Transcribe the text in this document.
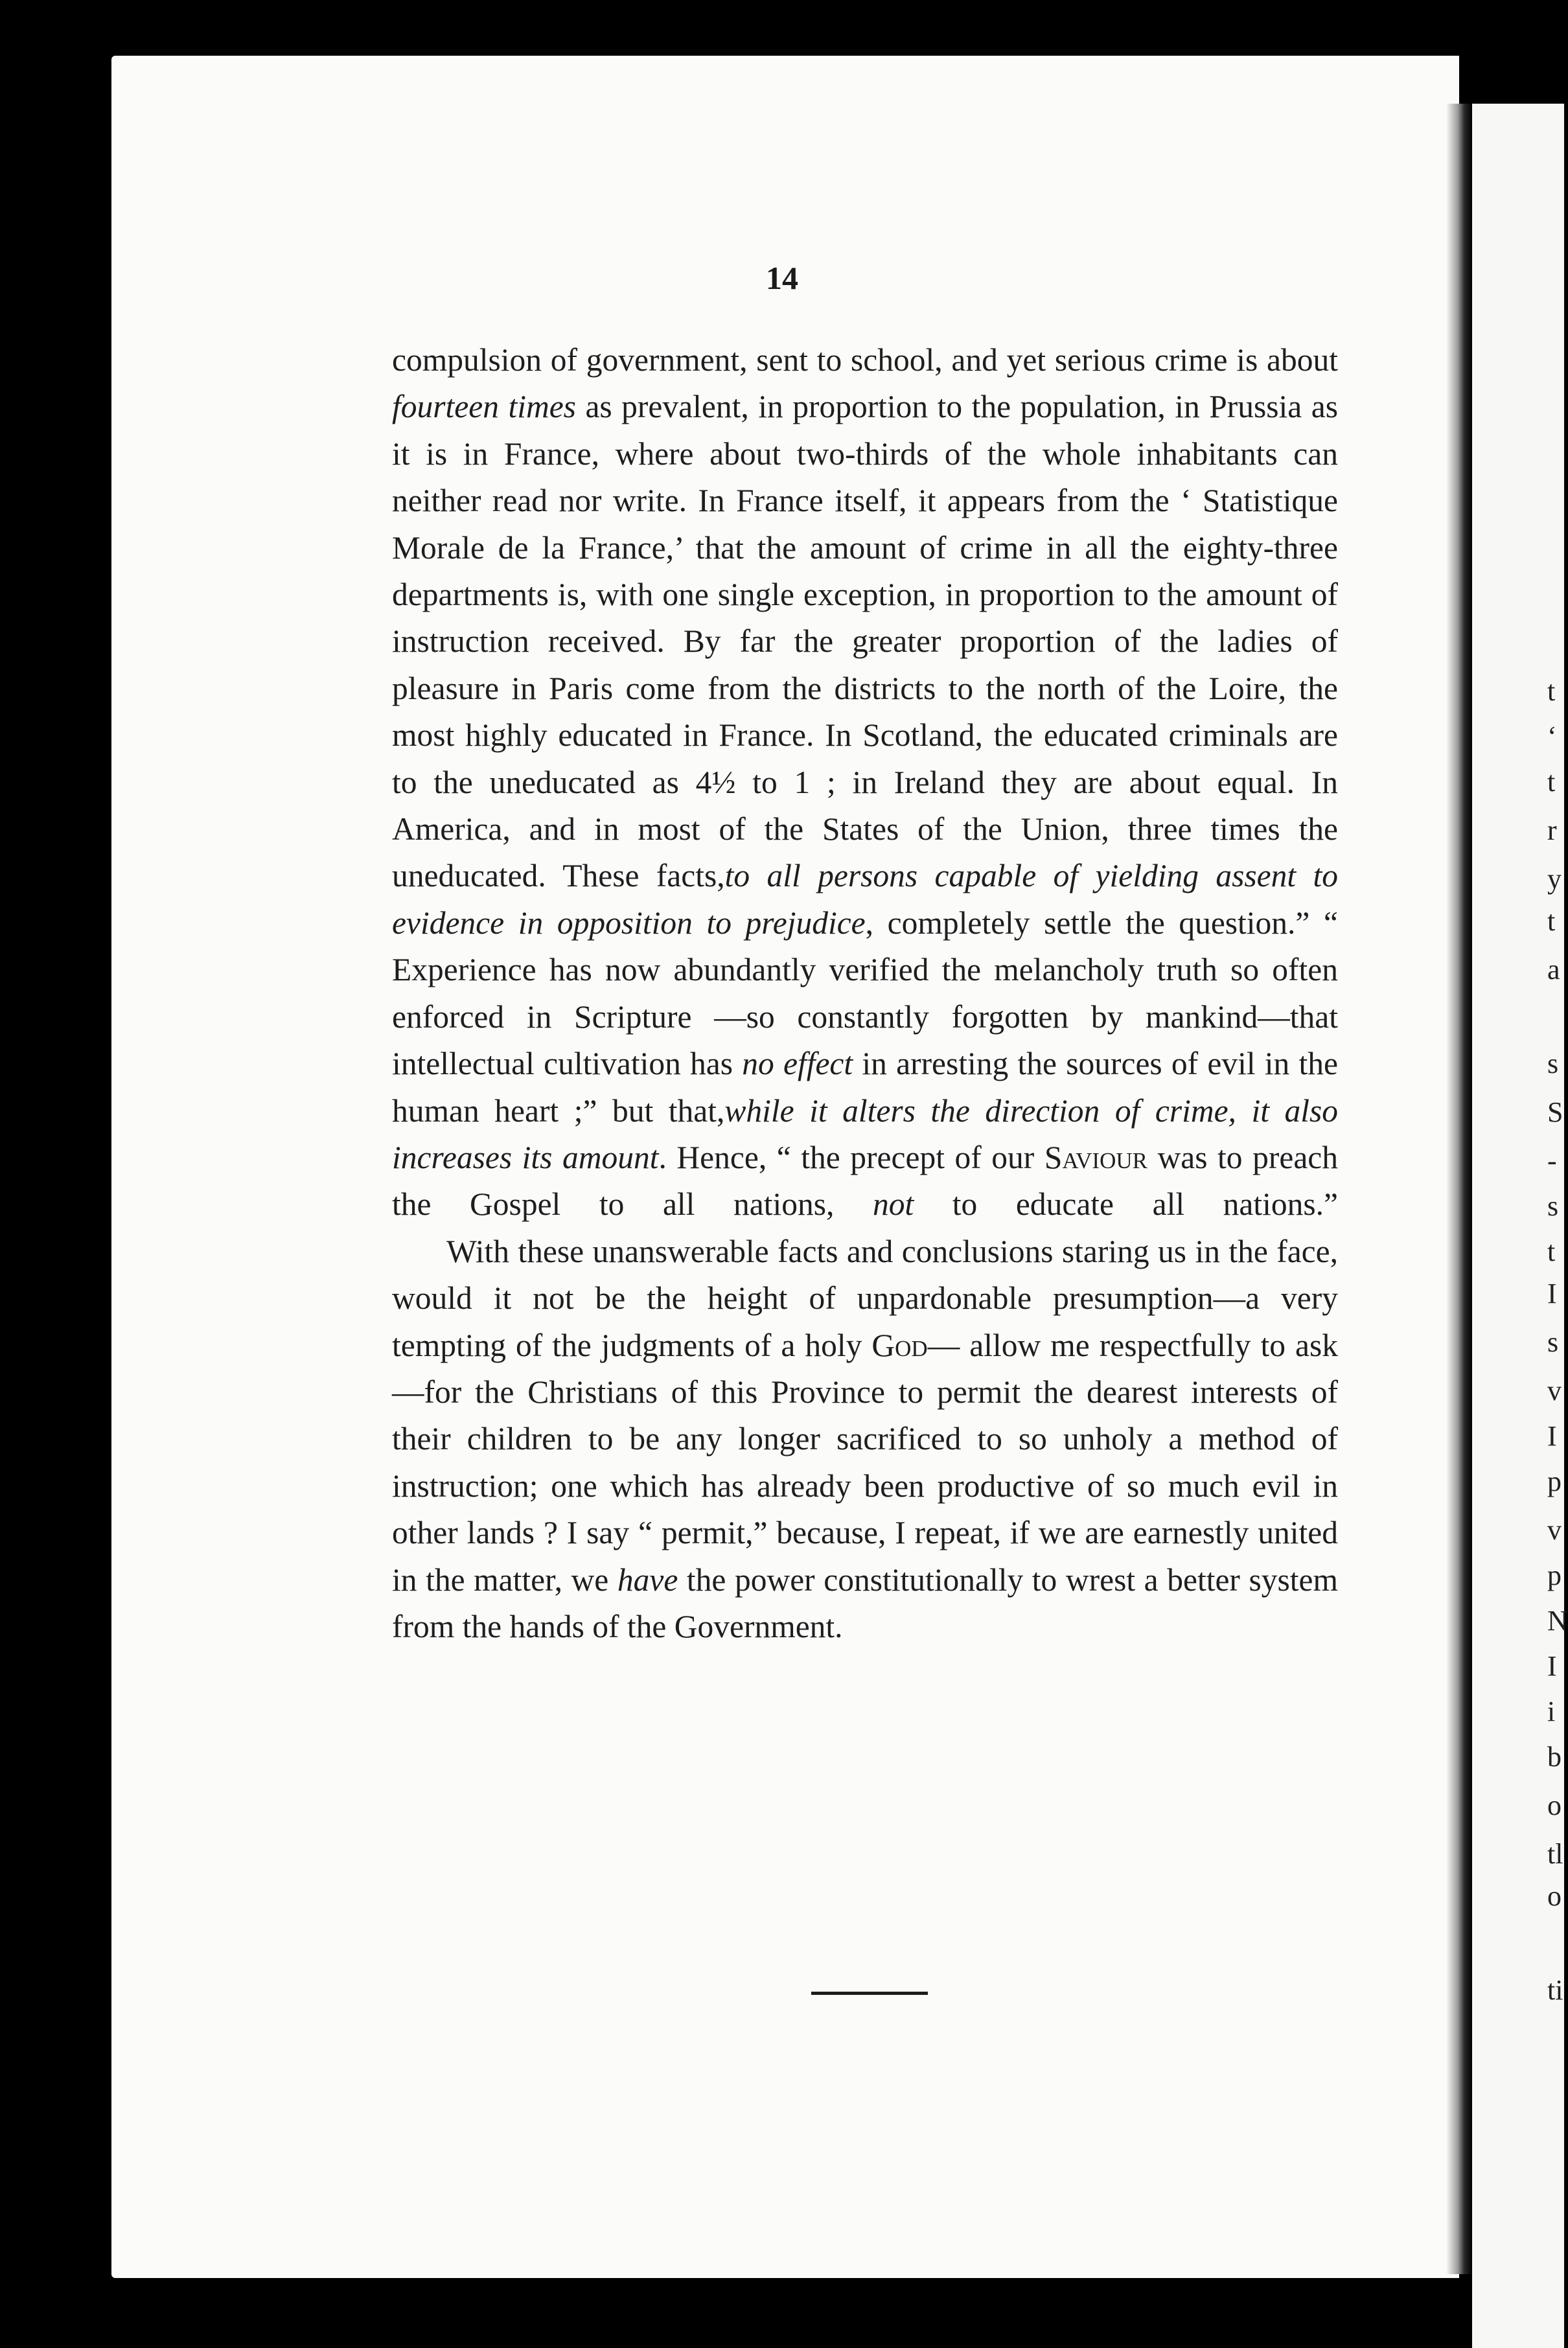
t
‘
t
r
y
t
a
s
S
-
s
t
I
s
v
I
p
v
p
N
I
i
b
o
tl
o
ti
14

compulsion of government, sent to school, and yet serious crime is about fourteen times as prevalent, in proportion to the population, in Prussia as it is in France, where about two-thirds of the whole inhabitants can neither read nor write. In France itself, it appears from the ‘ Statistique Morale de la France,’ that the amount of crime in all the eighty-three departments is, with one single exception, in proportion to the amount of instruction received. By far the greater proportion of the ladies of pleasure in Paris come from the districts to the north of the Loire, the most highly educated in France. In Scotland, the educated criminals are to the uneducated as 4½ to 1 ; in Ireland they are about equal. In America, and in most of the States of the Union, three times the uneducated. These facts,to all persons capable of yielding assent to evidence in opposition to prejudice, completely settle the question.” “ Experience has now abundantly verified the melancholy truth so often enforced in Scripture —so constantly forgotten by mankind—that intellectual cultivation has no effect in arresting the sources of evil in the human heart ;” but that,while it alters the direction of crime, it also increases its amount. Hence, “ the precept of our Saviour was to preach the Gospel to all nations, not to educate all nations.”

With these unanswerable facts and conclusions staring us in the face, would it not be the height of unpardonable presumption—a very tempting of the judgments of a holy God— allow me respectfully to ask—for the Christians of this Province to permit the dearest interests of their children to be any longer sacrificed to so unholy a method of instruction; one which has already been productive of so much evil in other lands ? I say “ permit,” because, I repeat, if we are earnestly united in the matter, we have the power constitutionally to wrest a better system from the hands of the Government.
